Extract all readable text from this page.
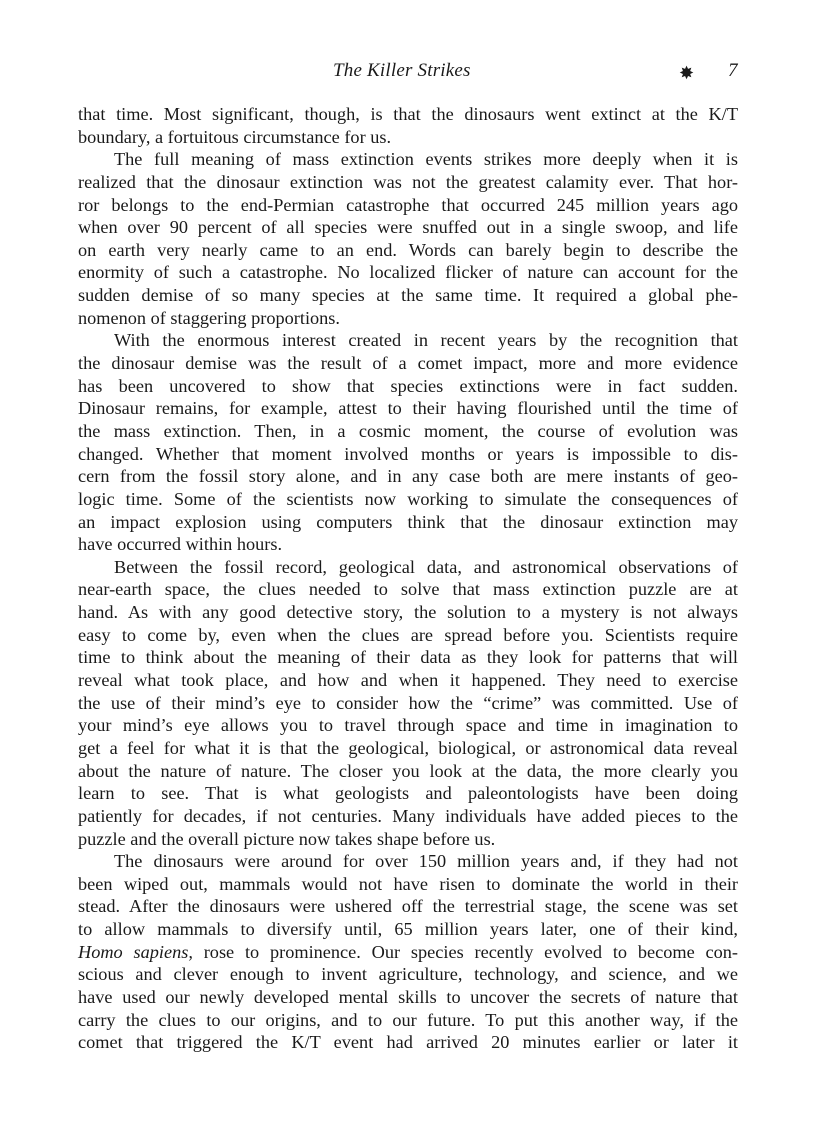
The Killer Strikes	✸ 7
that time. Most significant, though, is that the dinosaurs went extinct at the K/T
boundary, a fortuitous circumstance for us.
The full meaning of mass extinction events strikes more deeply when it is
realized that the dinosaur extinction was not the greatest calamity ever. That hor-
ror belongs to the end-Permian catastrophe that occurred 245 million years ago
when over 90 percent of all species were snuffed out in a single swoop, and life
on earth very nearly came to an end. Words can barely begin to describe the
enormity of such a catastrophe. No localized flicker of nature can account for the
sudden demise of so many species at the same time. It required a global phe-
nomenon of staggering proportions.
With the enormous interest created in recent years by the recognition that
the dinosaur demise was the result of a comet impact, more and more evidence
has been uncovered to show that species extinctions were in fact sudden.
Dinosaur remains, for example, attest to their having flourished until the time of
the mass extinction. Then, in a cosmic moment, the course of evolution was
changed. Whether that moment involved months or years is impossible to dis-
cern from the fossil story alone, and in any case both are mere instants of geo-
logic time. Some of the scientists now working to simulate the consequences of
an impact explosion using computers think that the dinosaur extinction may
have occurred within hours.
Between the fossil record, geological data, and astronomical observations of
near-earth space, the clues needed to solve that mass extinction puzzle are at
hand. As with any good detective story, the solution to a mystery is not always
easy to come by, even when the clues are spread before you. Scientists require
time to think about the meaning of their data as they look for patterns that will
reveal what took place, and how and when it happened. They need to exercise
the use of their mind’s eye to consider how the “crime” was committed. Use of
your mind’s eye allows you to travel through space and time in imagination to
get a feel for what it is that the geological, biological, or astronomical data reveal
about the nature of nature. The closer you look at the data, the more clearly you
learn to see. That is what geologists and paleontologists have been doing
patiently for decades, if not centuries. Many individuals have added pieces to the
puzzle and the overall picture now takes shape before us.
The dinosaurs were around for over 150 million years and, if they had not
been wiped out, mammals would not have risen to dominate the world in their
stead. After the dinosaurs were ushered off the terrestrial stage, the scene was set
to allow mammals to diversify until, 65 million years later, one of their kind,
Homo sapiens, rose to prominence. Our species recently evolved to become con-
scious and clever enough to invent agriculture, technology, and science, and we
have used our newly developed mental skills to uncover the secrets of nature that
carry the clues to our origins, and to our future. To put this another way, if the
comet that triggered the K/T event had arrived 20 minutes earlier or later it
